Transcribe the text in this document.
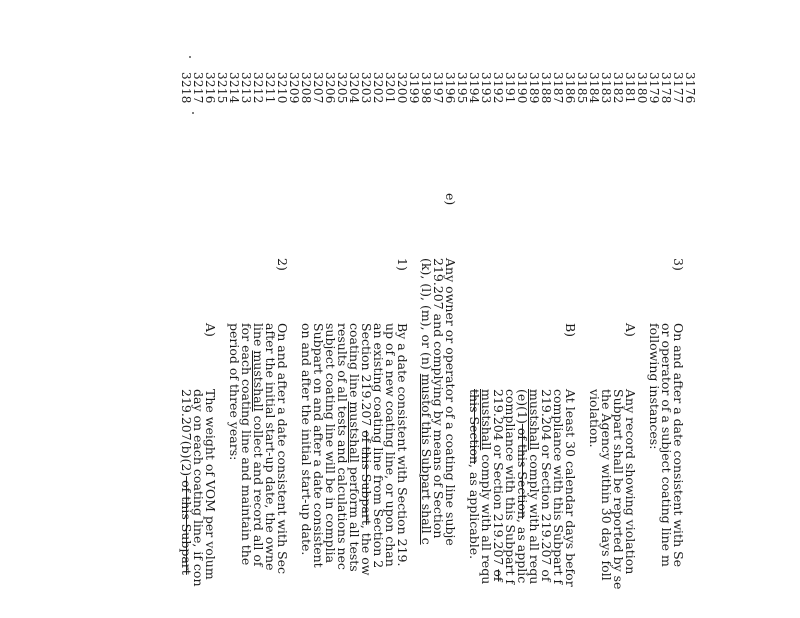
3176
3177
3178
3179
3180
3181
3182
3183
3184
3185
3186
3187
3188
3189
3190
3191
3192
3193
3194
3195
3196
3197
3198
3199
3200
3201
3202
3203
3204
3205
3206
3207
3208
3209
3210
3211
3212
3213
3214
3215
3216
3217
3218
3)
On and after a date consistent with Se
or operator of a subject coating line m
following instances:
A)
Any record showing violation
Subpart shall be reported by se
the Agency within 30 days foll
violation.
B)
At least 30 calendar days befor
compliance with this Subpart f
219.204 or Section 219.207 of
mustshall comply with all requ
(e)(1) of this Section, as applic
compliance with this Subpart f
219.204 or Section 219.207 of
mustshall comply with all requ
this Section, as applicable.
e)
Any owner or operator of a coating line subje
219.207 and complying by means of Section
(k), (l), (m), or (n) mustof this Subpart shall c
1)
By a date consistent with Section 219.
up of a new coating line, or upon chan
an existing coating line from Section 2
Section 219.207 of this Subpart, the ow
coating line mustshall perform all tests
results of all tests and calculations nec
subject coating line will be in complia
Subpart on and after a date consistent
on and after the initial start-up date.
2)
On and after a date consistent with Sec
after the initial start-up date, the owne
line mustshall collect and record all of
for each coating line and maintain the
period of three years:
A)
The weight of VOM per volum
day on each coating line, if con
219.207(b)(2) of this Subpart
